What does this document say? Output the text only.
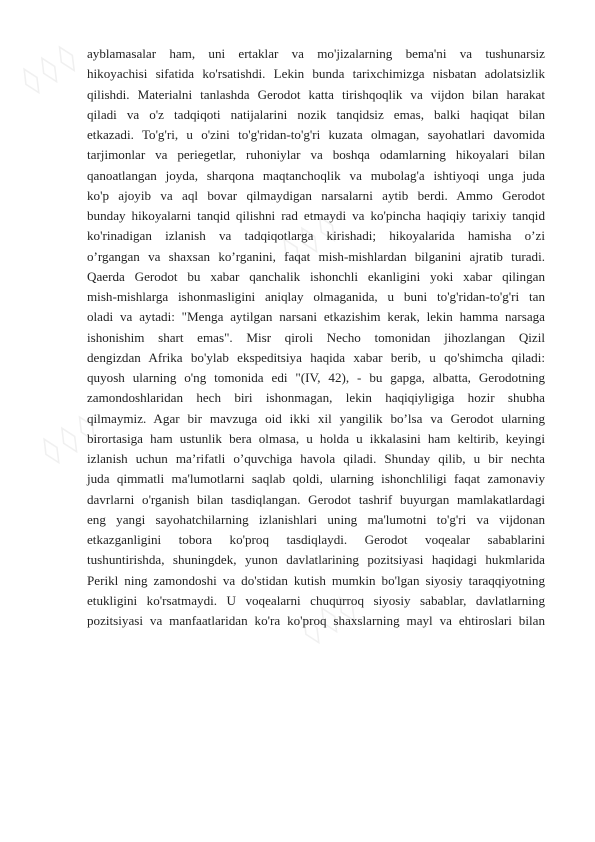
◊◊◊
◊◊◊
◊◊◊
◊◊◊
ayblamasalar ham, uni ertaklar va mo'jizalarning bema'ni va tushunarsiz
hikoyachisi sifatida ko'rsatishdi. Lekin bunda tarixchimizga nisbatan adolatsizlik
qilishdi. Materialni tanlashda Gerodot katta tirishqoqlik va vijdon bilan harakat
qiladi va o'z tadqiqoti natijalarini nozik tanqidsiz emas, balki haqiqat bilan
etkazadi. To'g'ri, u o'zini to'g'ridan-to'g'ri kuzata olmagan, sayohatlari davomida
tarjimonlar va periegetlar, ruhoniylar va boshqa odamlarning hikoyalari bilan
qanoatlangan joyda, sharqona maqtanchoqlik va mubolag'a ishtiyoqi unga juda
ko'p ajoyib va aql bovar qilmaydigan narsalarni aytib berdi. Ammo Gerodot
bunday hikoyalarni tanqid qilishni rad etmaydi va ko'pincha haqiqiy tarixiy tanqid
ko'rinadigan izlanish va tadqiqotlarga kirishadi; hikoyalarida hamisha o’zi
o’rgangan va shaxsan ko’rganini, faqat mish-mishlardan bilganini ajratib turadi.
Qaerda Gerodot bu xabar qanchalik ishonchli ekanligini yoki xabar qilingan
mish-mishlarga ishonmasligini aniqlay olmaganida, u buni to'g'ridan-to'g'ri tan
oladi va aytadi: "Menga aytilgan narsani etkazishim kerak, lekin hamma narsaga
ishonishim shart emas". Misr qiroli Necho tomonidan jihozlangan Qizil
dengizdan Afrika bo'ylab ekspeditsiya haqida xabar berib, u qo'shimcha qiladi:
quyosh ularning o'ng tomonida edi "(IV, 42), - bu gapga, albatta, Gerodotning
zamondoshlaridan hech biri ishonmagan, lekin haqiqiyligiga hozir shubha
qilmaymiz. Agar bir mavzuga oid ikki xil yangilik bo’lsa va Gerodot ularning
birortasiga ham ustunlik bera olmasa, u holda u ikkalasini ham keltirib, keyingi
izlanish uchun ma’rifatli o’quvchiga havola qiladi. Shunday qilib, u bir nechta
juda qimmatli ma'lumotlarni saqlab qoldi, ularning ishonchliligi faqat zamonaviy
davrlarni o'rganish bilan tasdiqlangan. Gerodot tashrif buyurgan mamlakatlardagi
eng yangi sayohatchilarning izlanishlari uning ma'lumotni to'g'ri va vijdonan
etkazganligini tobora ko'proq tasdiqlaydi. Gerodot voqealar sabablarini
tushuntirishda, shuningdek, yunon davlatlarining pozitsiyasi haqidagi hukmlarida
Perikl ning zamondoshi va do'stidan kutish mumkin bo'lgan siyosiy taraqqiyotning
etukligini ko'rsatmaydi. U voqealarni chuqurroq siyosiy sabablar, davlatlarning
pozitsiyasi va manfaatlaridan ko'ra ko'proq shaxslarning mayl va ehtiroslari bilan
